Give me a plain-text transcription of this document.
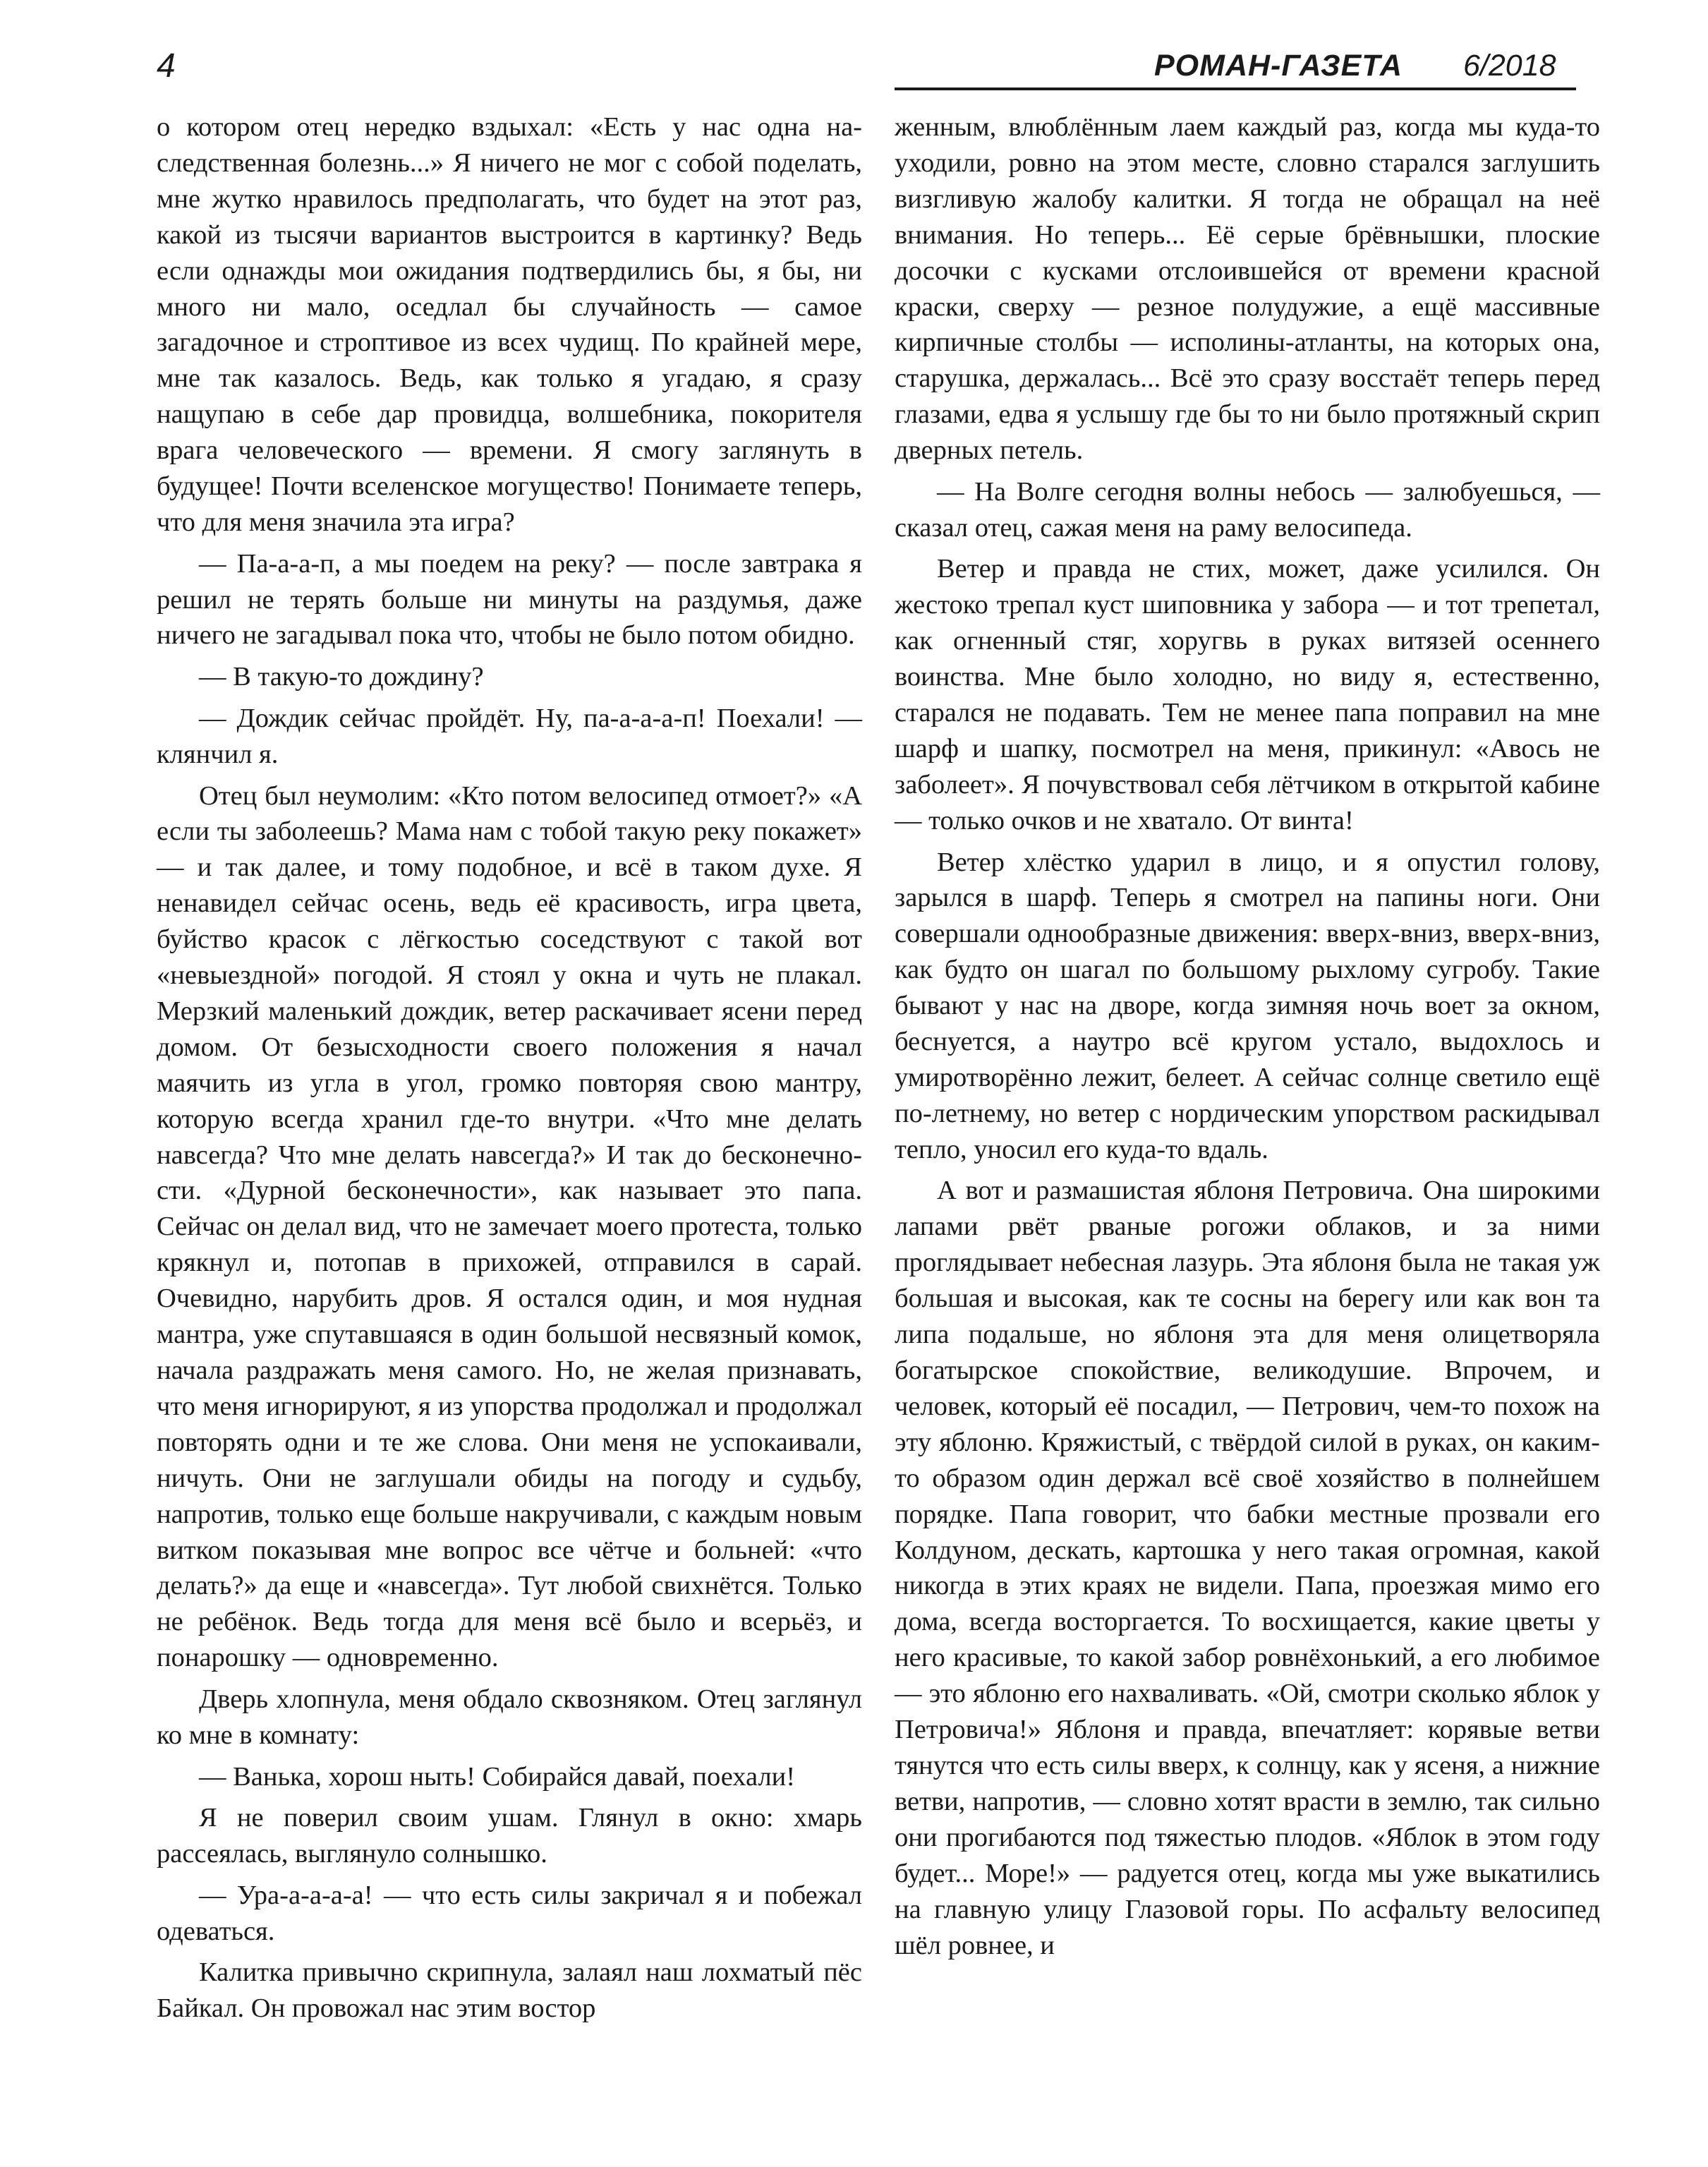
4	РОМАН-ГАЗЕТА 6/2018

о котором отец нередко вздыхал: «Есть у нас одна наследственная болезнь...» Я ничего не мог с собой поделать, мне жутко нравилось предполагать, что будет на этот раз, какой из тысячи вариантов выстроится в картинку? Ведь если однажды мои ожидания подтвердились бы, я бы, ни много ни мало, оседлал бы случайность — самое загадочное и строптивое из всех чудищ. По крайней мере, мне так казалось. Ведь, как только я угадаю, я сразу нащупаю в себе дар провидца, волшебника, покорителя врага человеческого — времени. Я смогу заглянуть в будущее! Почти вселенское могущество! Понимаете теперь, что для меня значила эта игра?

— Па-а-а-п, а мы поедем на реку? — после завтрака я решил не терять больше ни минуты на раздумья, даже ничего не загадывал пока что, чтобы не было потом обидно.

— В такую-то дождину?

— Дождик сейчас пройдёт. Ну, па-а-а-а-п! Поехали! — клянчил я.

Отец был неумолим: «Кто потом велосипед отмоет?» «А если ты заболеешь? Мама нам с тобой такую реку покажет» — и так далее, и тому подобное, и всё в таком духе. Я ненавидел сейчас осень, ведь её красивость, игра цвета, буйство красок с лёгкостью соседствуют с такой вот «невыездной» погодой. Я стоял у окна и чуть не плакал. Мерзкий маленький дождик, ветер раскачивает ясени перед домом. От безысходности своего положения я начал маячить из угла в угол, громко повторяя свою мантру, которую всегда хранил где-то внутри. «Что мне делать навсегда? Что мне делать навсегда?» И так до бесконечности. «Дурной бесконечности», как называет это папа. Сейчас он делал вид, что не замечает моего протеста, только крякнул и, потопав в прихожей, отправился в сарай. Очевидно, нарубить дров. Я остался один, и моя нудная мантра, уже спутавшаяся в один большой несвязный комок, начала раздражать меня самого. Но, не желая признавать, что меня игнорируют, я из упорства продолжал и продолжал повторять одни и те же слова. Они меня не успокаивали, ничуть. Они не заглушали обиды на погоду и судьбу, напротив, только еще больше накручивали, с каждым новым витком показывая мне вопрос все чётче и больней: «что делать?» да еще и «навсегда». Тут любой свихнётся. Только не ребёнок. Ведь тогда для меня всё было и всерьёз, и понарошку — одновременно.

Дверь хлопнула, меня обдало сквозняком. Отец заглянул ко мне в комнату:

— Ванька, хорош ныть! Собирайся давай, поехали!

Я не поверил своим ушам. Глянул в окно: хмарь рассеялась, выглянуло солнышко.

— Ура-а-а-а-а! — что есть силы закричал я и побежал одеваться.

Калитка привычно скрипнула, залаял наш лохматый пёс Байкал. Он провожал нас этим востор

женным, влюблённым лаем каждый раз, когда мы куда-то уходили, ровно на этом месте, словно старался заглушить визгливую жалобу калитки. Я тогда не обращал на неё внимания. Но теперь... Её серые брёвнышки, плоские досочки с кусками отслоившейся от времени красной краски, сверху — резное полудужие, а ещё массивные кирпичные столбы — исполины-атланты, на которых она, старушка, держалась... Всё это сразу восстаёт теперь перед глазами, едва я услышу где бы то ни было протяжный скрип дверных петель.

— На Волге сегодня волны небось — залюбуешься, — сказал отец, сажая меня на раму велосипеда.

Ветер и правда не стих, может, даже усилился. Он жестоко трепал куст шиповника у забора — и тот трепетал, как огненный стяг, хоругвь в руках витязей осеннего воинства. Мне было холодно, но виду я, естественно, старался не подавать. Тем не менее папа поправил на мне шарф и шапку, посмотрел на меня, прикинул: «Авось не заболеет». Я почувствовал себя лётчиком в открытой кабине — только очков и не хватало. От винта!

Ветер хлёстко ударил в лицо, и я опустил голову, зарылся в шарф. Теперь я смотрел на папины ноги. Они совершали однообразные движения: вверх-вниз, вверх-вниз, как будто он шагал по большому рыхлому сугробу. Такие бывают у нас на дворе, когда зимняя ночь воет за окном, беснуется, а наутро всё кругом устало, выдохлось и умиротворённо лежит, белеет. А сейчас солнце светило ещё по-летнему, но ветер с нордическим упорством раскидывал тепло, уносил его куда-то вдаль.

А вот и размашистая яблоня Петровича. Она широкими лапами рвёт рваные рогожи облаков, и за ними проглядывает небесная лазурь. Эта яблоня была не такая уж большая и высокая, как те сосны на берегу или как вон та липа подальше, но яблоня эта для меня олицетворяла богатырское спокойствие, великодушие. Впрочем, и человек, который её посадил, — Петрович, чем-то похож на эту яблоню. Кряжистый, с твёрдой силой в руках, он каким-то образом один держал всё своё хозяйство в полнейшем порядке. Папа говорит, что бабки местные прозвали его Колдуном, дескать, картошка у него такая огромная, какой никогда в этих краях не видели. Папа, проезжая мимо его дома, всегда восторгается. То восхищается, какие цветы у него красивые, то какой забор ровнёхонький, а его любимое — это яблоню его нахваливать. «Ой, смотри сколько яблок у Петровича!» Яблоня и правда, впечатляет: корявые ветви тянутся что есть силы вверх, к солнцу, как у ясеня, а нижние ветви, напротив, — словно хотят врасти в землю, так сильно они прогибаются под тяжестью плодов. «Яблок в этом году будет... Море!» — радуется отец, когда мы уже выкатились на главную улицу Глазовой горы. По асфальту велосипед шёл ровнее, и
